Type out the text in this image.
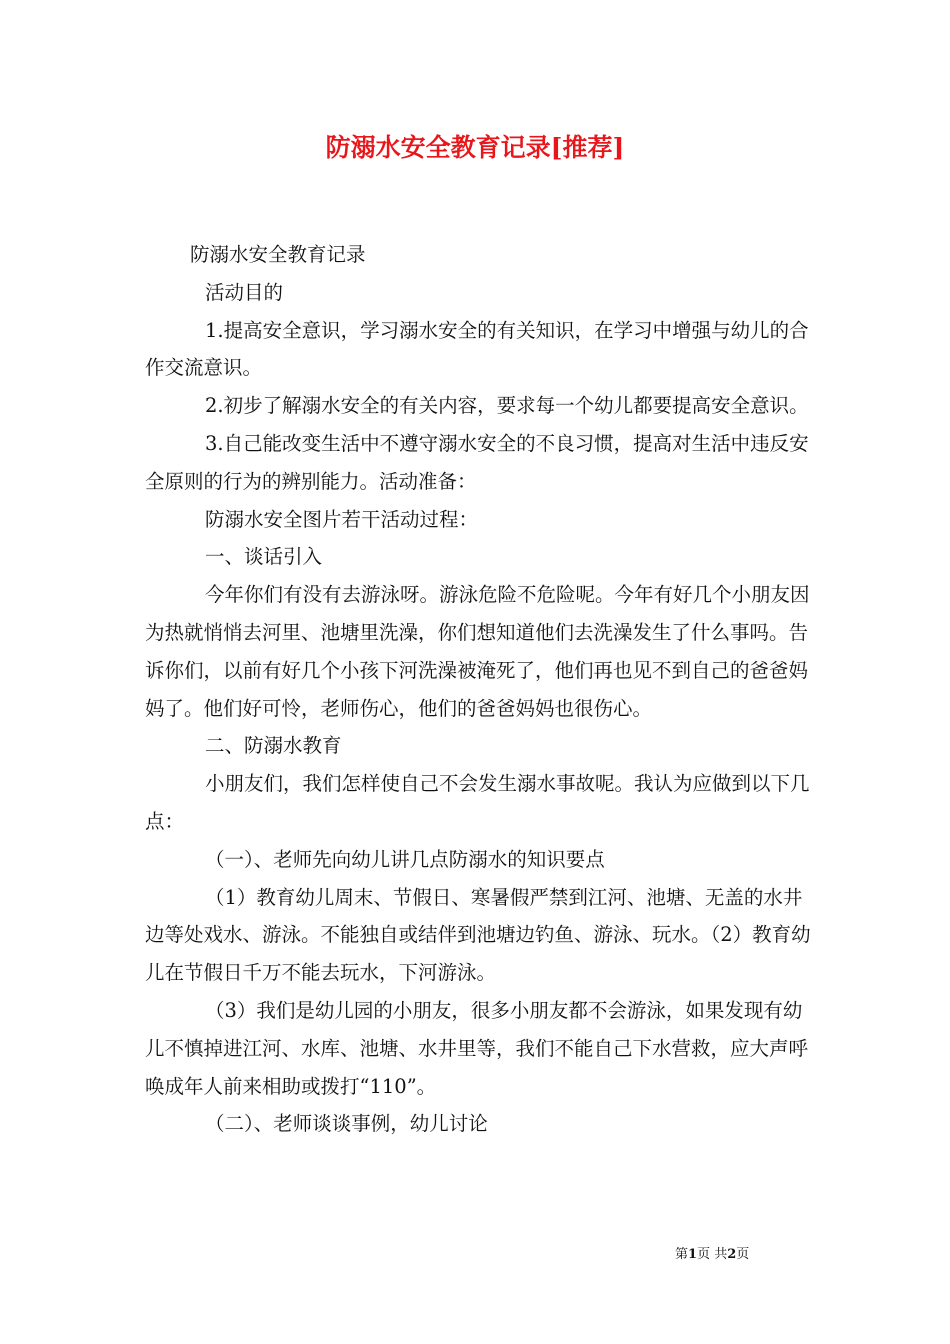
防溺水安全教育记录[推荐]

防溺水安全教育记录

活动目的

1.提高安全意识，学习溺水安全的有关知识，在学习中增强与幼儿的合作交流意识。

2.初步了解溺水安全的有关内容，要求每一个幼儿都要提高安全意识。

3.自己能改变生活中不遵守溺水安全的不良习惯，提高对生活中违反安全原则的行为的辨别能力。活动准备：

防溺水安全图片若干活动过程：

一、谈话引入

今年你们有没有去游泳呀。游泳危险不危险呢。今年有好几个小朋友因为热就悄悄去河里、池塘里洗澡，你们想知道他们去洗澡发生了什么事吗。告诉你们，以前有好几个小孩下河洗澡被淹死了，他们再也见不到自己的爸爸妈妈了。他们好可怜，老师伤心，他们的爸爸妈妈也很伤心。

二、防溺水教育

小朋友们，我们怎样使自己不会发生溺水事故呢。我认为应做到以下几点：

（一）、老师先向幼儿讲几点防溺水的知识要点

（1）教育幼儿周末、节假日、寒暑假严禁到江河、池塘、无盖的水井边等处戏水、游泳。不能独自或结伴到池塘边钓鱼、游泳、玩水。（2）教育幼儿在节假日千万不能去玩水，下河游泳。

（3）我们是幼儿园的小朋友，很多小朋友都不会游泳，如果发现有幼儿不慎掉进江河、水库、池塘、水井里等，我们不能自己下水营救，应大声呼唤成年人前来相助或拨打“110”。

（二）、老师谈谈事例，幼儿讨论

第1页 共2页
